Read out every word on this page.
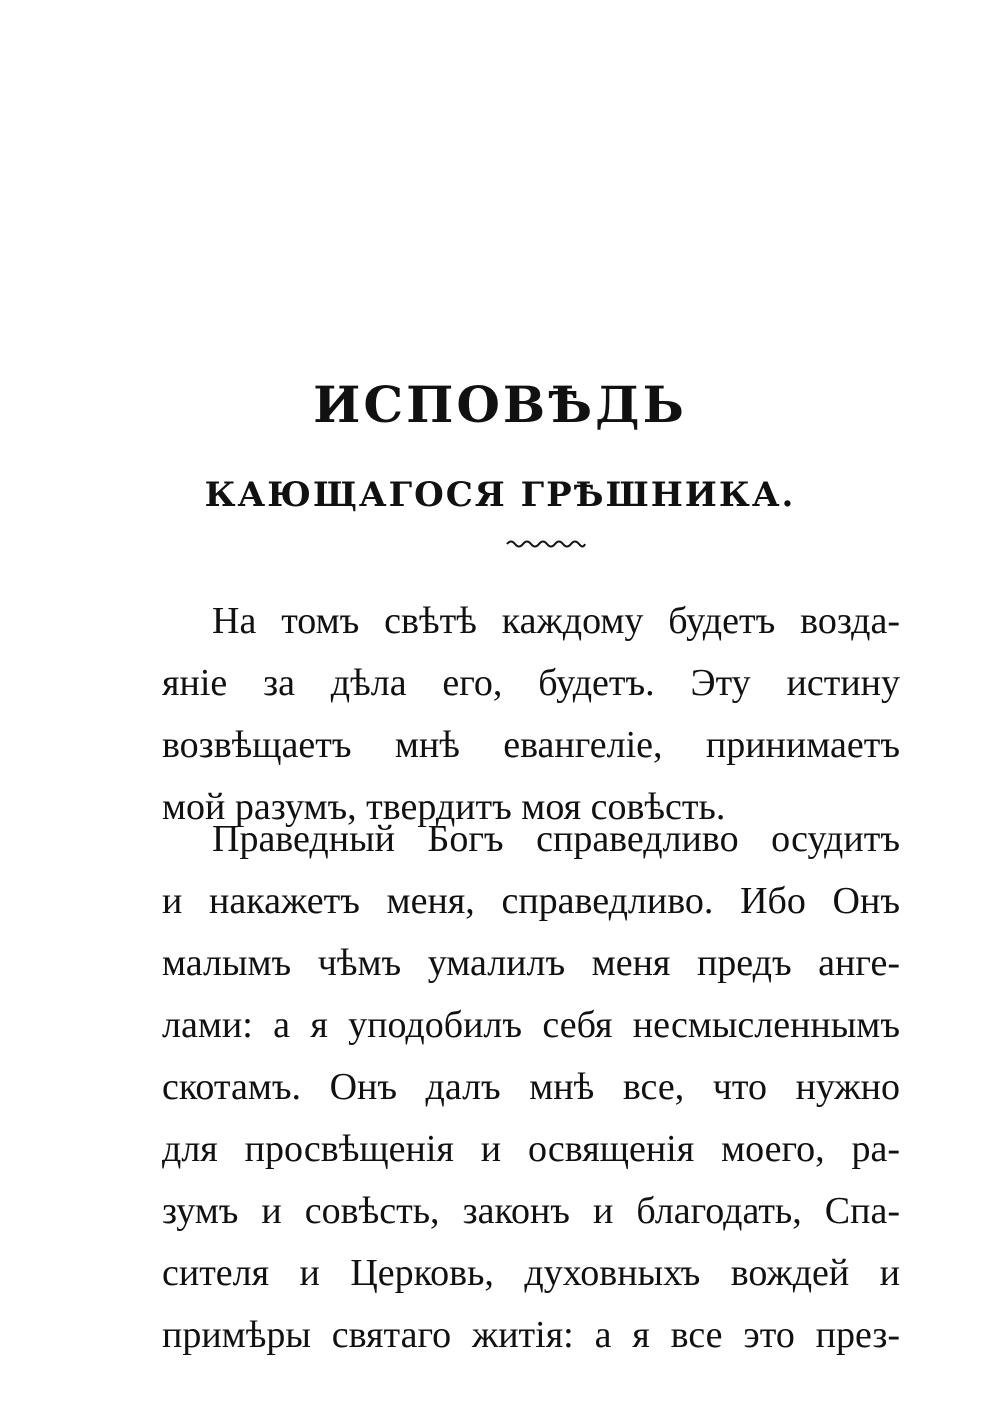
ИСПОВѢДЬ
КАЮЩАГОСЯ ГРѢШНИКА.
На томъ свѣтѣ каждому будетъ возда-
яніе за дѣла его, будетъ. Эту истину
возвѣщаетъ мнѣ евангеліе, принимаетъ
мой разумъ, твердитъ моя совѣсть.
Праведный Богъ справедливо осудитъ
и накажетъ меня, справедливо. Ибо Онъ
малымъ чѣмъ умалилъ меня предъ анге-
лами: а я уподобилъ себя несмысленнымъ
скотамъ. Онъ далъ мнѣ все, что нужно
для просвѣщенія и освященія моего, ра-
зумъ и совѣсть, законъ и благодать, Спа-
сителя и Церковь, духовныхъ вождей и
примѣры святаго житія: а я все это през-
